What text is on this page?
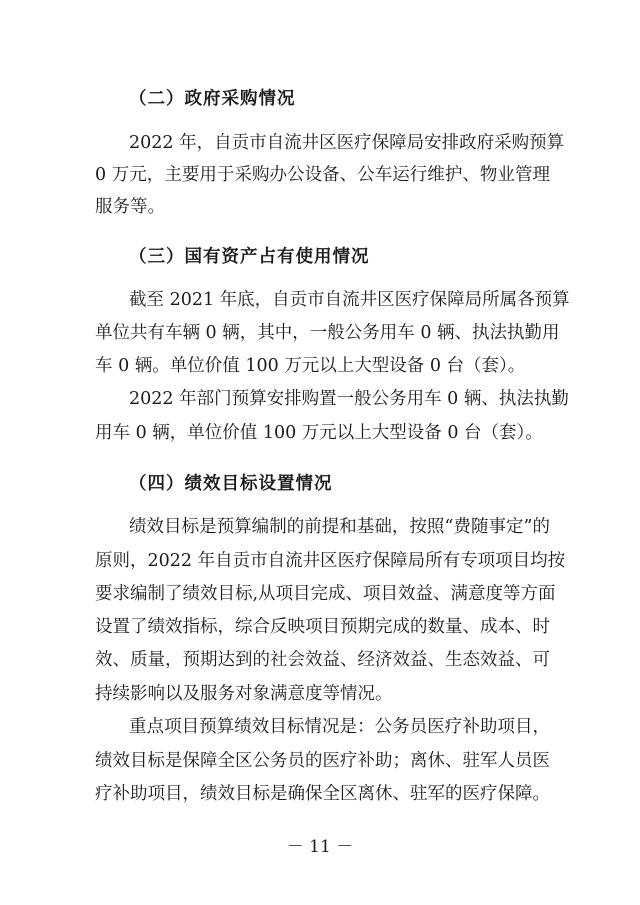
（二）政府采购情况
2022 年，自贡市自流井区医疗保障局安排政府采购预算
0 万元，主要用于采购办公设备、公车运行维护、物业管理
服务等。
（三）国有资产占有使用情况
截至 2021 年底，自贡市自流井区医疗保障局所属各预算
单位共有车辆 0 辆，其中，一般公务用车 0 辆、执法执勤用
车 0 辆。单位价值 100 万元以上大型设备 0 台（套）。
2022 年部门预算安排购置一般公务用车 0 辆、执法执勤
用车 0 辆，单位价值 100 万元以上大型设备 0 台（套）。
（四）绩效目标设置情况
绩效目标是预算编制的前提和基础，按照“费随事定”的
原则，2022 年自贡市自流井区医疗保障局所有专项项目均按
要求编制了绩效目标,从项目完成、项目效益、满意度等方面
设置了绩效指标，综合反映项目预期完成的数量、成本、时
效、质量，预期达到的社会效益、经济效益、生态效益、可
持续影响以及服务对象满意度等情况。
重点项目预算绩效目标情况是：公务员医疗补助项目，
绩效目标是保障全区公务员的医疗补助；离休、驻军人员医
疗补助项目，绩效目标是确保全区离休、驻军的医疗保障。
－ 11 －
